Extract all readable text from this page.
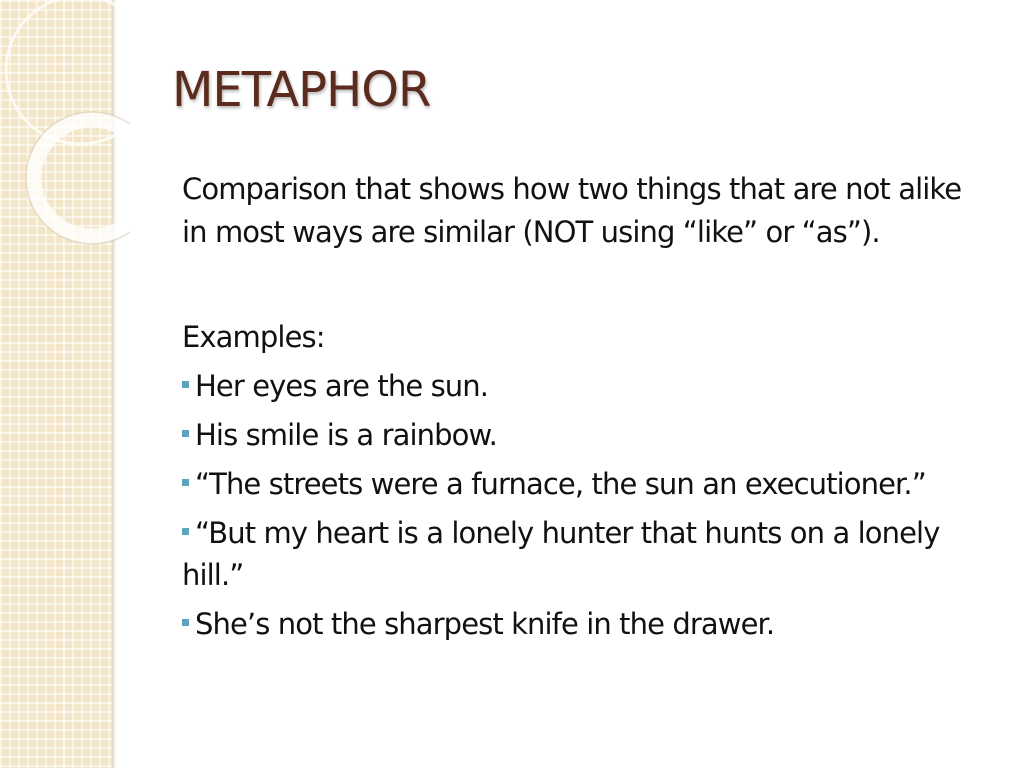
METAPHOR

Comparison that shows how two things that are not alike in most ways are similar (NOT using “like” or “as”).

Examples:

Her eyes are the sun.
His smile is a rainbow.
“The streets were a furnace, the sun an executioner.”
“But my heart is a lonely hunter that hunts on a lonely hill.”
She’s not the sharpest knife in the drawer.
